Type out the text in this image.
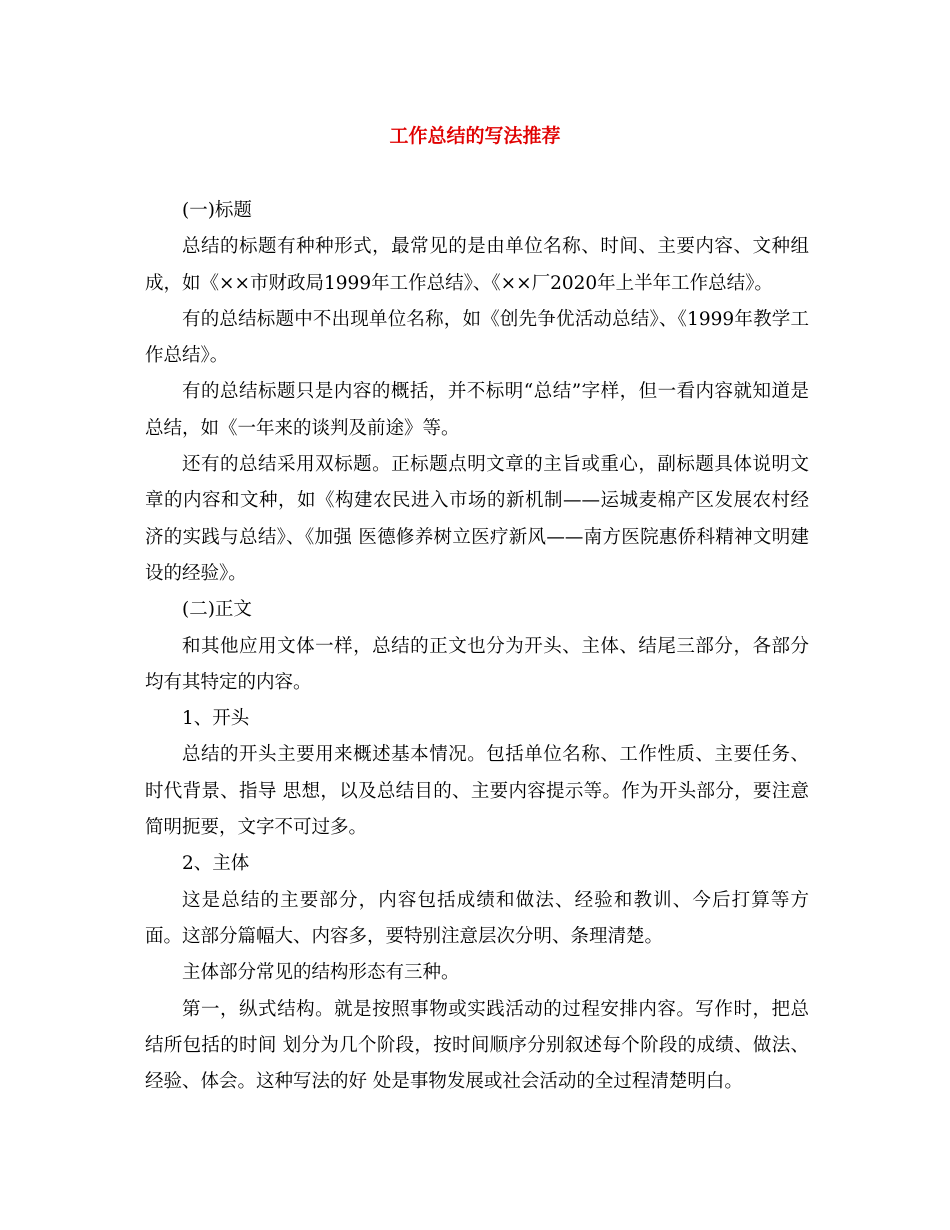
工作总结的写法推荐

(一)标题

总结的标题有种种形式，最常见的是由单位名称、时间、主要内容、文种组成，如《××市财政局1999年工作总结》、《××厂2020年上半年工作总结》。

有的总结标题中不出现单位名称，如《创先争优活动总结》、《1999年教学工作总结》。

有的总结标题只是内容的概括，并不标明“总结”字样，但一看内容就知道是总结，如《一年来的谈判及前途》等。

还有的总结采用双标题。正标题点明文章的主旨或重心，副标题具体说明文章的内容和文种，如《构建农民进入市场的新机制——运城麦棉产区发展农村经济的实践与总结》、《加强 医德修养树立医疗新风——南方医院惠侨科精神文明建设的经验》。

(二)正文

和其他应用文体一样，总结的正文也分为开头、主体、结尾三部分，各部分均有其特定的内容。

1、开头

总结的开头主要用来概述基本情况。包括单位名称、工作性质、主要任务、时代背景、指导 思想，以及总结目的、主要内容提示等。作为开头部分，要注意简明扼要，文字不可过多。

2、主体

这是总结的主要部分，内容包括成绩和做法、经验和教训、今后打算等方面。这部分篇幅大、内容多，要特别注意层次分明、条理清楚。

主体部分常见的结构形态有三种。

第一，纵式结构。就是按照事物或实践活动的过程安排内容。写作时，把总结所包括的时间 划分为几个阶段，按时间顺序分别叙述每个阶段的成绩、做法、经验、体会。这种写法的好 处是事物发展或社会活动的全过程清楚明白。
